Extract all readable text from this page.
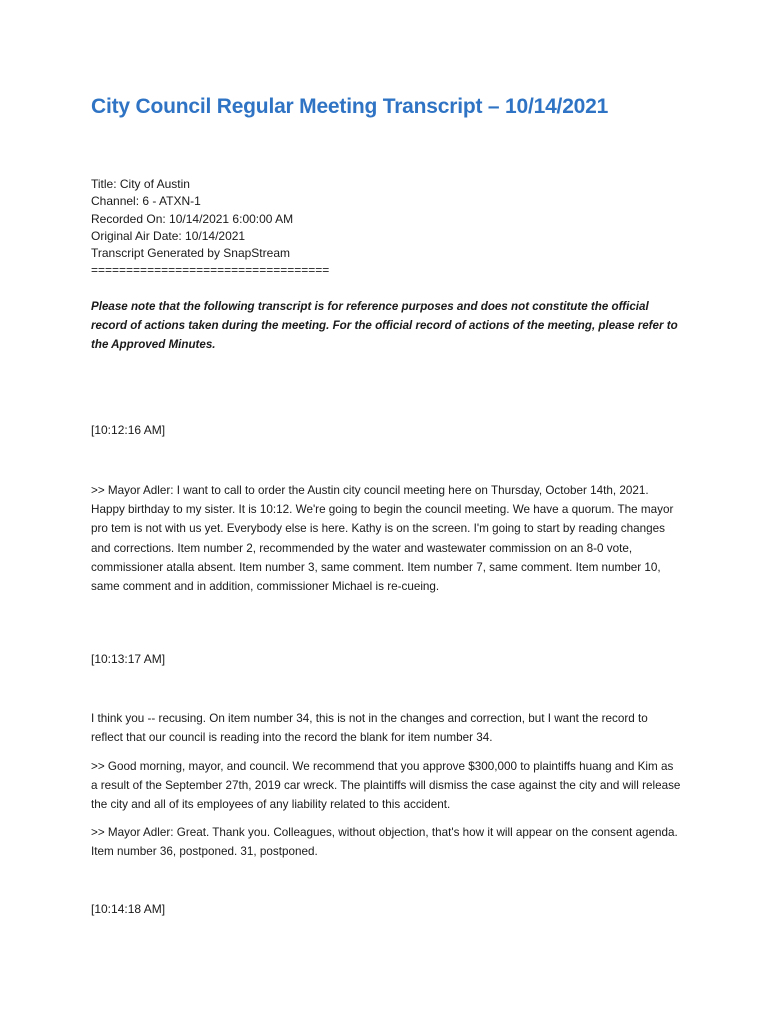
City Council Regular Meeting Transcript – 10/14/2021
Title: City of Austin
Channel: 6 - ATXN-1
Recorded On: 10/14/2021 6:00:00 AM
Original Air Date: 10/14/2021
Transcript Generated by SnapStream
==================================
Please note that the following transcript is for reference purposes and does not constitute the official record of actions taken during the meeting. For the official record of actions of the meeting, please refer to the Approved Minutes.
[10:12:16 AM]
>> Mayor Adler: I want to call to order the Austin city council meeting here on Thursday, October 14th, 2021. Happy birthday to my sister. It is 10:12. We're going to begin the council meeting. We have a quorum. The mayor pro tem is not with us yet. Everybody else is here. Kathy is on the screen. I'm going to start by reading changes and corrections. Item number 2, recommended by the water and wastewater commission on an 8-0 vote, commissioner atalla absent. Item number 3, same comment. Item number 7, same comment. Item number 10, same comment and in addition, commissioner Michael is re-cueing.
[10:13:17 AM]
I think you -- recusing. On item number 34, this is not in the changes and correction, but I want the record to reflect that our council is reading into the record the blank for item number 34.
>> Good morning, mayor, and council. We recommend that you approve $300,000 to plaintiffs huang and Kim as a result of the September 27th, 2019 car wreck. The plaintiffs will dismiss the case against the city and will release the city and all of its employees of any liability related to this accident.
>> Mayor Adler: Great. Thank you. Colleagues, without objection, that's how it will appear on the consent agenda. Item number 36, postponed. 31, postponed.
[10:14:18 AM]
